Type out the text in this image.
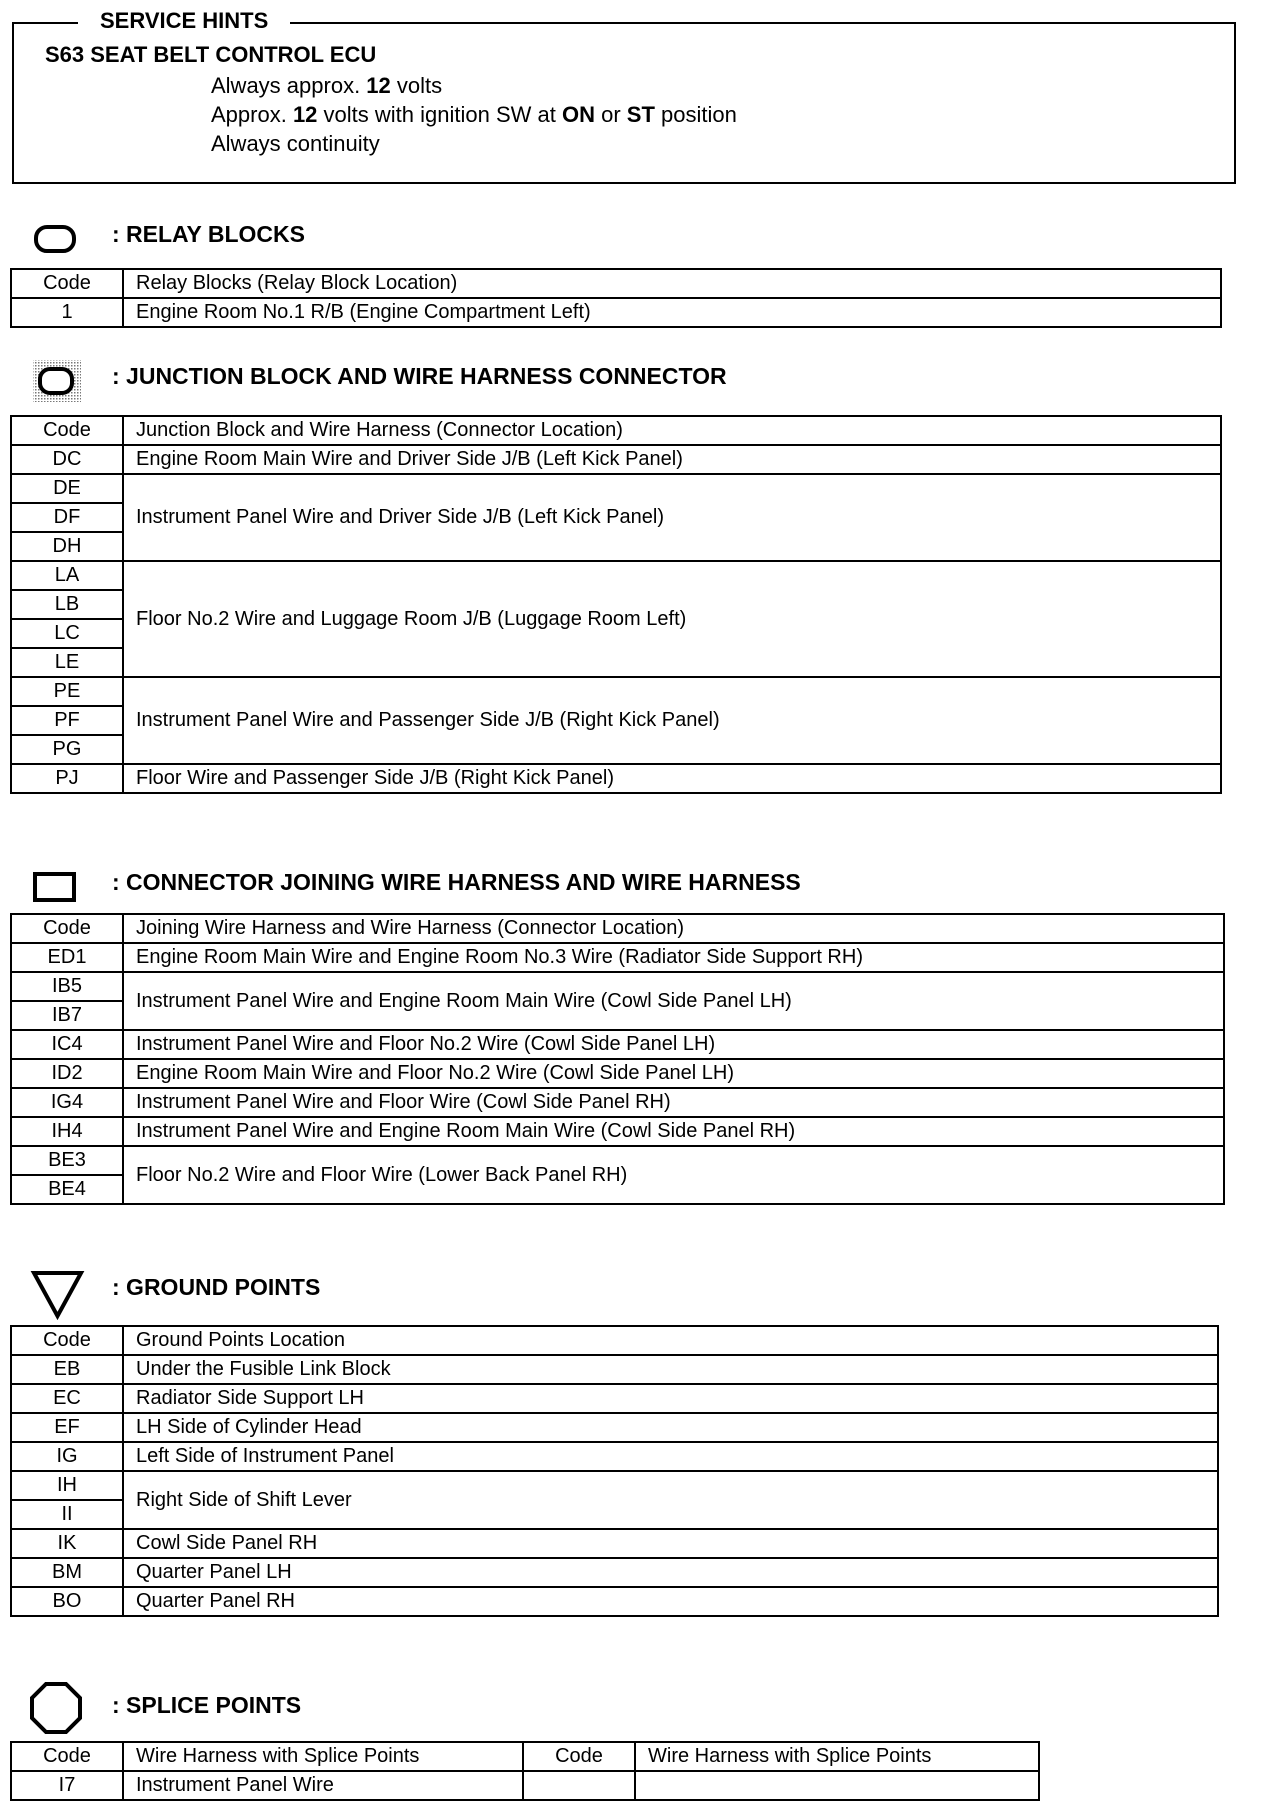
SERVICE HINTS
S63 SEAT BELT CONTROL ECU
Always approx. 12 volts
Approx. 12 volts with ignition SW at ON or ST position
Always continuity
: RELAY BLOCKS
Code	Relay Blocks (Relay Block Location)
1	Engine Room No.1 R/B (Engine Compartment Left)
: JUNCTION BLOCK AND WIRE HARNESS CONNECTOR
Code	Junction Block and Wire Harness (Connector Location)
DC	Engine Room Main Wire and Driver Side J/B (Left Kick Panel)
DE	Instrument Panel Wire and Driver Side J/B (Left Kick Panel)
DF	
DH	
LA	Floor No.2 Wire and Luggage Room J/B (Luggage Room Left)
LB	
LC	
LE	
PE	Instrument Panel Wire and Passenger Side J/B (Right Kick Panel)
PF	
PG	
PJ	Floor Wire and Passenger Side J/B (Right Kick Panel)
: CONNECTOR JOINING WIRE HARNESS AND WIRE HARNESS
Code	Joining Wire Harness and Wire Harness (Connector Location)
ED1	Engine Room Main Wire and Engine Room No.3 Wire (Radiator Side Support RH)
IB5	Instrument Panel Wire and Engine Room Main Wire (Cowl Side Panel LH)
IB7	
IC4	Instrument Panel Wire and Floor No.2 Wire (Cowl Side Panel LH)
ID2	Engine Room Main Wire and Floor No.2 Wire (Cowl Side Panel LH)
IG4	Instrument Panel Wire and Floor Wire (Cowl Side Panel RH)
IH4	Instrument Panel Wire and Engine Room Main Wire (Cowl Side Panel RH)
BE3	Floor No.2 Wire and Floor Wire (Lower Back Panel RH)
BE4	
: GROUND POINTS
Code	Ground Points Location
EB	Under the Fusible Link Block
EC	Radiator Side Support LH
EF	LH Side of Cylinder Head
IG	Left Side of Instrument Panel
IH	Right Side of Shift Lever
II	
IK	Cowl Side Panel RH
BM	Quarter Panel LH
BO	Quarter Panel RH
: SPLICE POINTS
Code	Wire Harness with Splice Points	Code	Wire Harness with Splice Points
I7	Instrument Panel Wire		
